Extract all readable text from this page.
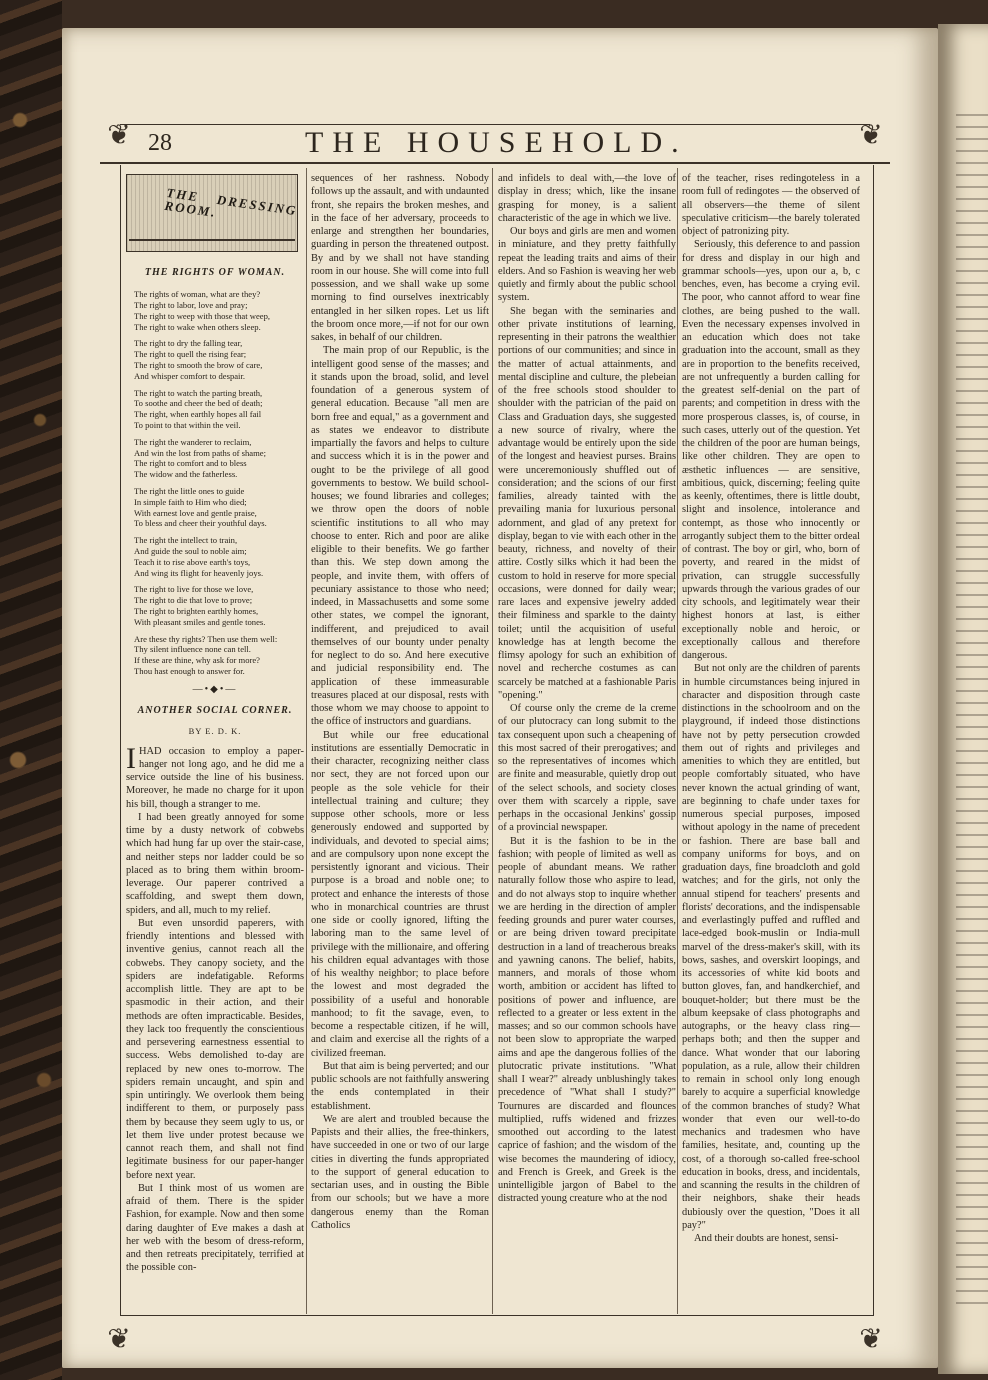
❦	❦
28	THE HOUSEHOLD.
❦	❦
THE DRESSING ROOM.
THE RIGHTS OF WOMAN.
The rights of woman, what are they?
The right to labor, love and pray;
The right to weep with those that weep,
The right to wake when others sleep.
The right to dry the falling tear,
The right to quell the rising fear;
The right to smooth the brow of care,
And whisper comfort to despair.
The right to watch the parting breath,
To soothe and cheer the bed of death;
The right, when earthly hopes all fail
To point to that within the veil.
The right the wanderer to reclaim,
And win the lost from paths of shame;
The right to comfort and to bless
The widow and the fatherless.
The right the little ones to guide
In simple faith to Him who died;
With earnest love and gentle praise,
To bless and cheer their youthful days.
The right the intellect to train,
And guide the soul to noble aim;
Teach it to rise above earth's toys,
And wing its flight for heavenly joys.
The right to live for those we love,
The right to die that love to prove;
The right to brighten earthly homes,
With pleasant smiles and gentle tones.
Are these thy rights? Then use them well:
Thy silent influence none can tell.
If these are thine, why ask for more?
Thou hast enough to answer for.
—•◆•—
ANOTHER SOCIAL CORNER.
BY E. D. K.

IHAD occasion to employ a paper-hanger not long ago, and he did me a service outside the line of his business. Moreover, he made no charge for it upon his bill, though a stranger to me.

I had been greatly annoyed for some time by a dusty network of cobwebs which had hung far up over the stair-case, and neither steps nor ladder could be so placed as to bring them within broom-leverage. Our paperer contrived a scaffolding, and swept them down, spiders, and all, much to my relief.

But even unsordid paperers, with friendly intentions and blessed with inventive genius, cannot reach all the cobwebs. They canopy society, and the spiders are indefatigable. Reforms accomplish little. They are apt to be spasmodic in their action, and their methods are often impracticable. Besides, they lack too frequently the conscientious and persevering earnestness essential to success. Webs demolished to-day are replaced by new ones to-morrow. The spiders remain uncaught, and spin and spin untiringly. We overlook them being indifferent to them, or purposely pass them by because they seem ugly to us, or let them live under protest because we cannot reach them, and shall not find legitimate business for our paper-hanger before next year.

But I think most of us women are afraid of them. There is the spider Fashion, for example. Now and then some daring daughter of Eve makes a dash at her web with the besom of dress-reform, and then retreats precipitately, terrified at the possible con-

sequences of her rashness. Nobody follows up the assault, and with undaunted front, she repairs the broken meshes, and in the face of her adversary, proceeds to enlarge and strengthen her boundaries, guarding in person the threatened outpost. By and by we shall not have standing room in our house. She will come into full possession, and we shall wake up some morning to find ourselves inextricably entangled in her silken ropes. Let us lift the broom once more,—if not for our own sakes, in behalf of our children.

The main prop of our Republic, is the intelligent good sense of the masses; and it stands upon the broad, solid, and level foundation of a generous system of general education. Because "all men are born free and equal," as a government and as states we endeavor to distribute impartially the favors and helps to culture and success which it is in the power and ought to be the privilege of all good governments to bestow. We build school-houses; we found libraries and colleges; we throw open the doors of noble scientific institutions to all who may choose to enter. Rich and poor are alike eligible to their benefits. We go farther than this. We step down among the people, and invite them, with offers of pecuniary assistance to those who need; indeed, in Massachusetts and some some other states, we compel the ignorant, indifferent, and prejudiced to avail themselves of our bounty under penalty for neglect to do so. And here executive and judicial responsibility end. The application of these immeasurable treasures placed at our disposal, rests with those whom we may choose to appoint to the office of instructors and guardians.

But while our free educational institutions are essentially Democratic in their character, recognizing neither class nor sect, they are not forced upon our people as the sole vehicle for their intellectual training and culture; they suppose other schools, more or less generously endowed and supported by individuals, and devoted to special aims; and are compulsory upon none except the persistently ignorant and vicious. Their purpose is a broad and noble one; to protect and enhance the interests of those who in monarchical countries are thrust one side or coolly ignored, lifting the laboring man to the same level of privilege with the millionaire, and offering his children equal advantages with those of his wealthy neighbor; to place before the lowest and most degraded the possibility of a useful and honorable manhood; to fit the savage, even, to become a respectable citizen, if he will, and claim and exercise all the rights of a civilized freeman.

But that aim is being perverted; and our public schools are not faithfully answering the ends contemplated in their establishment.

We are alert and troubled because the Papists and their allies, the free-thinkers, have succeeded in one or two of our large cities in diverting the funds appropriated to the support of general education to sectarian uses, and in ousting the Bible from our schools; but we have a more dangerous enemy than the Roman Catholics

and infidels to deal with,—the love of display in dress; which, like the insane grasping for money, is a salient characteristic of the age in which we live.

Our boys and girls are men and women in miniature, and they pretty faithfully repeat the leading traits and aims of their elders. And so Fashion is weaving her web quietly and firmly about the public school system.

She began with the seminaries and other private institutions of learning, representing in their patrons the wealthier portions of our communities; and since in the matter of actual attainments, and mental discipline and culture, the plebeian of the free schools stood shoulder to shoulder with the patrician of the paid on Class and Graduation days, she suggested a new source of rivalry, where the advantage would be entirely upon the side of the longest and heaviest purses. Brains were unceremoniously shuffled out of consideration; and the scions of our first families, already tainted with the prevailing mania for luxurious personal adornment, and glad of any pretext for display, began to vie with each other in the beauty, richness, and novelty of their attire. Costly silks which it had been the custom to hold in reserve for more special occasions, were donned for daily wear; rare laces and expensive jewelry added their filminess and sparkle to the dainty toilet; until the acquisition of useful knowledge has at length become the flimsy apology for such an exhibition of novel and recherche costumes as can scarcely be matched at a fashionable Paris "opening."

Of course only the creme de la creme of our plutocracy can long submit to the tax consequent upon such a cheapening of this most sacred of their prerogatives; and so the representatives of incomes which are finite and measurable, quietly drop out of the select schools, and society closes over them with scarcely a ripple, save perhaps in the occasional Jenkins' gossip of a provincial newspaper.

But it is the fashion to be in the fashion; with people of limited as well as people of abundant means. We rather naturally follow those who aspire to lead, and do not always stop to inquire whether we are herding in the direction of ampler feeding grounds and purer water courses, or are being driven toward precipitate destruction in a land of treacherous breaks and yawning canons. The belief, habits, manners, and morals of those whom worth, ambition or accident has lifted to positions of power and influence, are reflected to a greater or less extent in the masses; and so our common schools have not been slow to appropriate the warped aims and ape the dangerous follies of the plutocratic private institutions. "What shall I wear?" already unblushingly takes precedence of "What shall I study?" Tournures are discarded and flounces multiplied, ruffs widened and frizzes smoothed out according to the latest caprice of fashion; and the wisdom of the wise becomes the maundering of idiocy, and French is Greek, and Greek is the unintelligible jargon of Babel to the distracted young creature who at the nod

of the teacher, rises redingoteless in a room full of redingotes — the observed of all observers—the theme of silent speculative criticism—the barely tolerated object of patronizing pity.

Seriously, this deference to and passion for dress and display in our high and grammar schools—yes, upon our a, b, c benches, even, has become a crying evil. The poor, who cannot afford to wear fine clothes, are being pushed to the wall. Even the necessary expenses involved in an education which does not take graduation into the account, small as they are in proportion to the benefits received, are not unfrequently a burden calling for the greatest self-denial on the part of parents; and competition in dress with the more prosperous classes, is, of course, in such cases, utterly out of the question. Yet the children of the poor are human beings, like other children. They are open to æsthetic influences — are sensitive, ambitious, quick, discerning; feeling quite as keenly, oftentimes, there is little doubt, slight and insolence, intolerance and contempt, as those who innocently or arrogantly subject them to the bitter ordeal of contrast. The boy or girl, who, born of poverty, and reared in the midst of privation, can struggle successfully upwards through the various grades of our city schools, and legitimately wear their highest honors at last, is either exceptionally noble and heroic, or exceptionally callous and therefore dangerous.

But not only are the children of parents in humble circumstances being injured in character and disposition through caste distinctions in the schoolroom and on the playground, if indeed those distinctions have not by petty persecution crowded them out of rights and privileges and amenities to which they are entitled, but people comfortably situated, who have never known the actual grinding of want, are beginning to chafe under taxes for numerous special purposes, imposed without apology in the name of precedent or fashion. There are base ball and company uniforms for boys, and on graduation days, fine broadcloth and gold watches; and for the girls, not only the annual stipend for teachers' presents and florists' decorations, and the indispensable and everlastingly puffed and ruffled and lace-edged book-muslin or India-mull marvel of the dress-maker's skill, with its bows, sashes, and overskirt loopings, and its accessories of white kid boots and button gloves, fan, and handkerchief, and bouquet-holder; but there must be the album keepsake of class photographs and autographs, or the heavy class ring—perhaps both; and then the supper and dance. What wonder that our laboring population, as a rule, allow their children to remain in school only long enough barely to acquire a superficial knowledge of the common branches of study? What wonder that even our well-to-do mechanics and tradesmen who have families, hesitate, and, counting up the cost, of a thorough so-called free-school education in books, dress, and incidentals, and scanning the results in the children of their neighbors, shake their heads dubiously over the question, "Does it all pay?"

And their doubts are honest, sensi-
